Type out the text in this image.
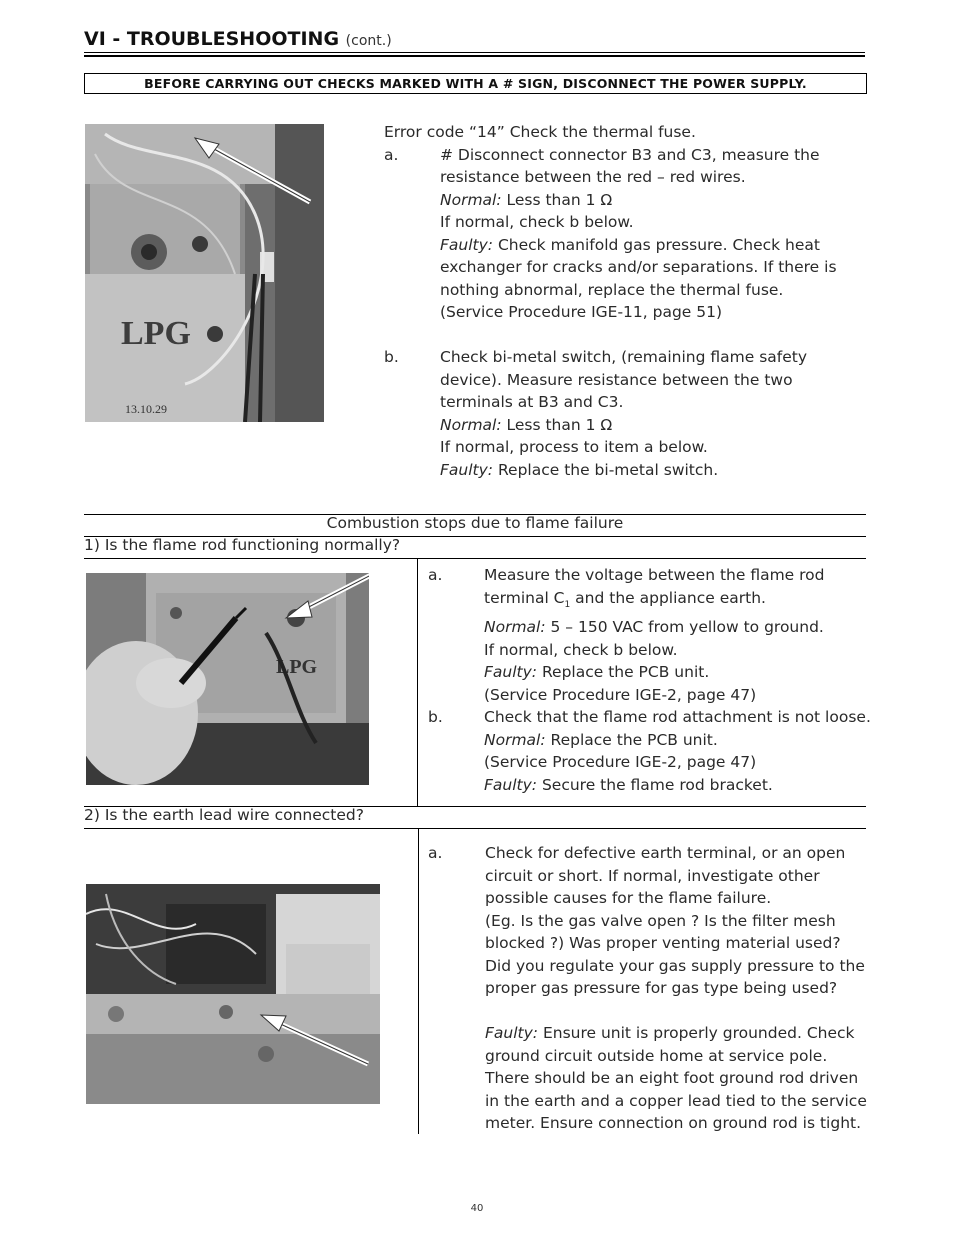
VI - TROUBLESHOOTING (cont.)
BEFORE CARRYING OUT CHECKS MARKED WITH A # SIGN, DISCONNECT THE POWER SUPPLY.
LPG
13.10.29
Error code “14” Check the thermal fuse.
a.	# Disconnect connector B3 and C3, measure the
resistance between the red – red wires.
Normal: Less than 1 Ω
If normal, check b below.
Faulty: Check manifold gas pressure. Check heat
exchanger for cracks and/or separations. If there is
nothing abnormal, replace the thermal fuse.
(Service Procedure IGE-11, page 51)
b.	Check bi-metal switch, (remaining flame safety
device). Measure resistance between the two
terminals at B3 and C3.
Normal: Less than 1 Ω
If normal, process to item a below.
Faulty: Replace the bi-metal switch.
Combustion stops due to flame failure
1) Is the flame rod functioning normally?
2) Is the earth lead wire connected?
LPG
a.	Measure the voltage between the flame rod
terminal $C_1$ and the appliance earth.
Normal: 5 – 150 VAC from yellow to ground.
If normal, check b below.
Faulty: Replace the PCB unit.
(Service Procedure IGE-2, page 47)
b.	Check that the flame rod attachment is not loose.
Normal: Replace the PCB unit.
(Service Procedure IGE-2, page 47)
Faulty: Secure the flame rod bracket.
a.	Check for defective earth terminal, or an open
circuit or short. If normal, investigate other
possible causes for the flame failure.
(Eg. Is the gas valve open ? Is the filter mesh
blocked ?) Was proper venting material used?
Did you regulate your gas supply pressure to the
proper gas pressure for gas type being used?
Faulty: Ensure unit is properly grounded. Check
ground circuit outside home at service pole.
There should be an eight foot ground rod driven
in the earth and a copper lead tied to the service
meter. Ensure connection on ground rod is tight.
40
